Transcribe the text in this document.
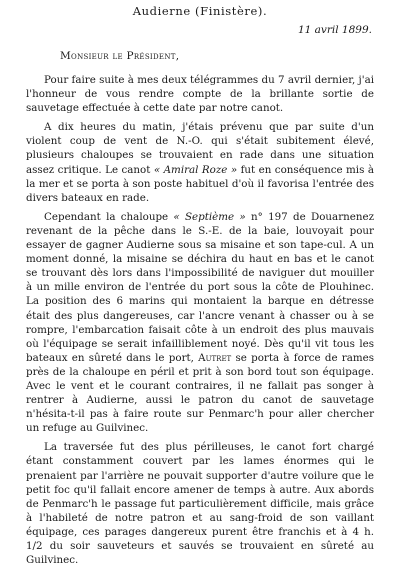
Audierne (Finistère).

11 avril 1899.

Monsieur le Président,

Pour faire suite à mes deux télégrammes du 7 avril dernier, j'ai l'honneur de vous rendre compte de la brillante sortie de sauvetage effectuée à cette date par notre canot.

A dix heures du matin, j'étais prévenu que par suite d'un violent coup de vent de N.-O. qui s'était subitement élevé, plusieurs chaloupes se trouvaient en rade dans une situation assez critique. Le canot « Amiral Roze » fut en conséquence mis à la mer et se porta à son poste habituel d'où il favorisa l'entrée des divers bateaux en rade.

Cependant la chaloupe « Septième » n° 197 de Douarnenez revenant de la pêche dans le S.-E. de la baie, louvoyait pour essayer de gagner Audierne sous sa misaine et son tape-cul. A un moment donné, la misaine se déchira du haut en bas et le canot se trouvant dès lors dans l'impossibilité de naviguer dut mouiller à un mille environ de l'entrée du port sous la côte de Plouhinec. La position des 6 marins qui montaient la barque en détresse était des plus dangereuses, car l'ancre venant à chasser ou à se rompre, l'embarcation faisait côte à un endroit des plus mauvais où l'équipage se serait infailliblement noyé. Dès qu'il vit tous les bateaux en sûreté dans le port, Autret se porta à force de rames près de la chaloupe en péril et prit à son bord tout son équipage. Avec le vent et le courant contraires, il ne fallait pas songer à rentrer à Audierne, aussi le patron du canot de sauvetage n'hésita-t-il pas à faire route sur Penmarc'h pour aller chercher un refuge au Guilvinec.

La traversée fut des plus périlleuses, le canot fort chargé étant constamment couvert par les lames énormes qui le prenaient par l'arrière ne pouvait supporter d'autre voilure que le petit foc qu'il fallait encore amener de temps à autre. Aux abords de Penmarc'h le passage fut particulièrement difficile, mais grâce à l'habileté de notre patron et au sang-froid de son vaillant équipage, ces parages dangereux purent être franchis et à 4 h. 1/2 du soir sauveteurs et sauvés se trouvaient en sûreté au Guilvinec.
